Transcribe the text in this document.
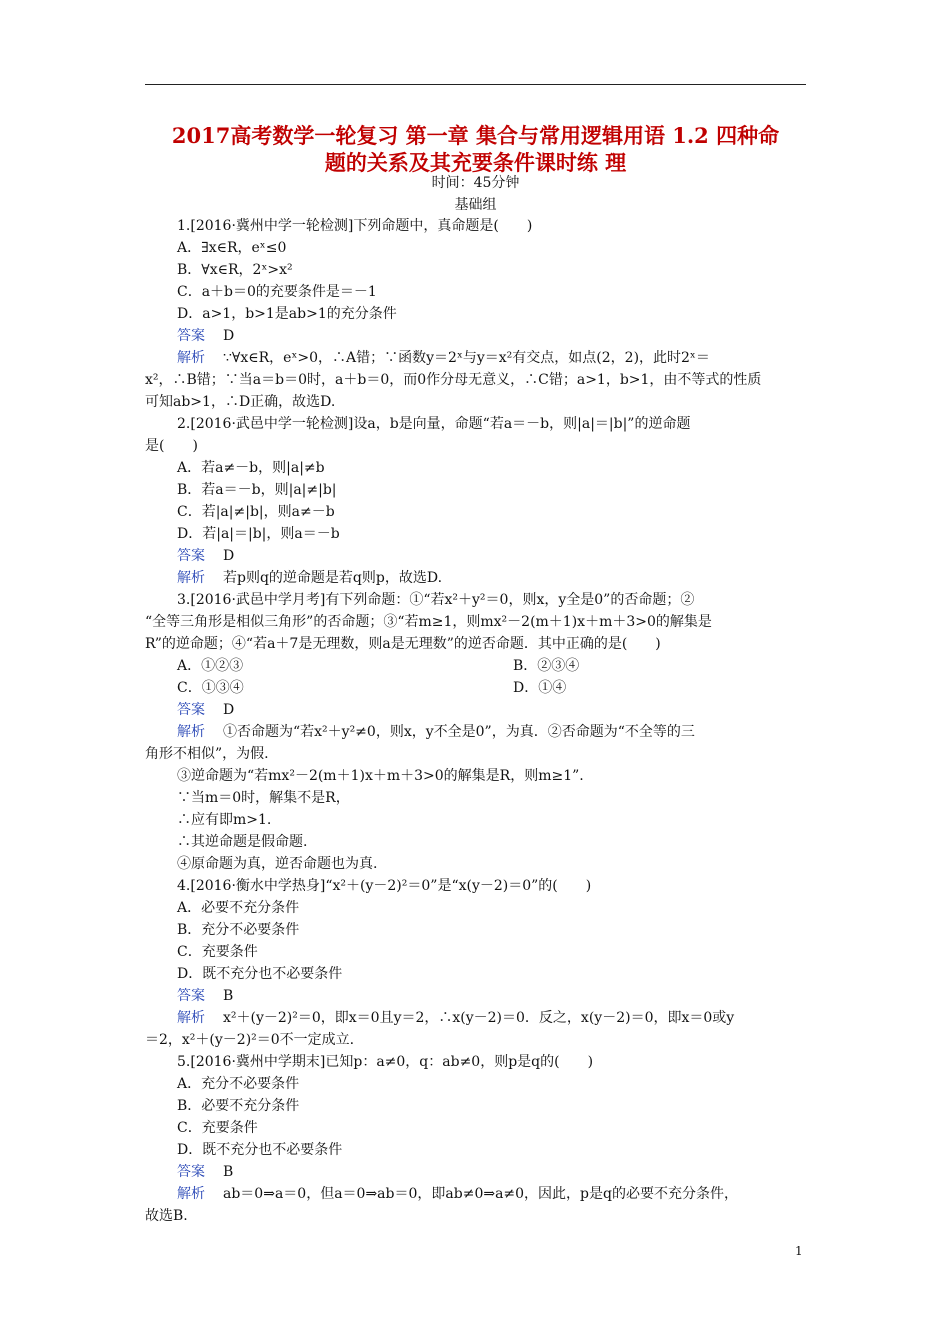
2017高考数学一轮复习 第一章 集合与常用逻辑用语 1.2 四种命
题的关系及其充要条件课时练 理
时间：45分钟
基础组
1.[2016·冀州中学一轮检测]下列命题中，真命题是(　　)
A．∃x∈R，eˣ≤0
B．∀x∈R，2ˣ>x²
C．a＋b＝0的充要条件是＝－1
D．a>1，b>1是ab>1的充分条件
答案 D
解析 ∵∀x∈R，eˣ>0，∴A错；∵函数y＝2ˣ与y＝x²有交点，如点(2，2)，此时2ˣ＝
x²，∴B错；∵当a＝b＝0时，a＋b＝0，而0作分母无意义，∴C错；a>1，b>1，由不等式的性质
可知ab>1，∴D正确，故选D.
2.[2016·武邑中学一轮检测]设a，b是向量，命题“若a＝－b，则|a|＝|b|”的逆命题
是(　　)
A．若a≠－b，则|a|≠b
B．若a＝－b，则|a|≠|b|
C．若|a|≠|b|，则a≠－b
D．若|a|＝|b|，则a＝－b
答案 D
解析 若p则q的逆命题是若q则p，故选D.
3.[2016·武邑中学月考]有下列命题：①“若x²＋y²＝0，则x，y全是0”的否命题；②
“全等三角形是相似三角形”的否命题；③“若m≥1，则mx²－2(m＋1)x＋m＋3>0的解集是
R”的逆命题；④“若a＋7是无理数，则a是无理数”的逆否命题．其中正确的是(　　)
A．①②③	B．②③④
C．①③④	D．①④
答案 D
解析 ①否命题为“若x²＋y²≠0，则x，y不全是0”，为真．②否命题为“不全等的三
角形不相似”，为假.
③逆命题为“若mx²－2(m＋1)x＋m＋3>0的解集是R，则m≥1”.
∵当m＝0时，解集不是R，
∴应有即m>1.
∴其逆命题是假命题.
④原命题为真，逆否命题也为真.
4.[2016·衡水中学热身]“x²＋(y－2)²＝0”是“x(y－2)＝0”的(　　)
A．必要不充分条件
B．充分不必要条件
C．充要条件
D．既不充分也不必要条件
答案 B
解析 x²＋(y－2)²＝0，即x＝0且y＝2，∴x(y－2)＝0．反之，x(y－2)＝0，即x＝0或y
＝2，x²＋(y－2)²＝0不一定成立.
5.[2016·冀州中学期末]已知p：a≠0，q：ab≠0，则p是q的(　　)
A．充分不必要条件
B．必要不充分条件
C．充要条件
D．既不充分也不必要条件
答案 B
解析 ab＝0⇒a＝0，但a＝0⇒ab＝0，即ab≠0⇒a≠0，因此，p是q的必要不充分条件，
故选B.
1
